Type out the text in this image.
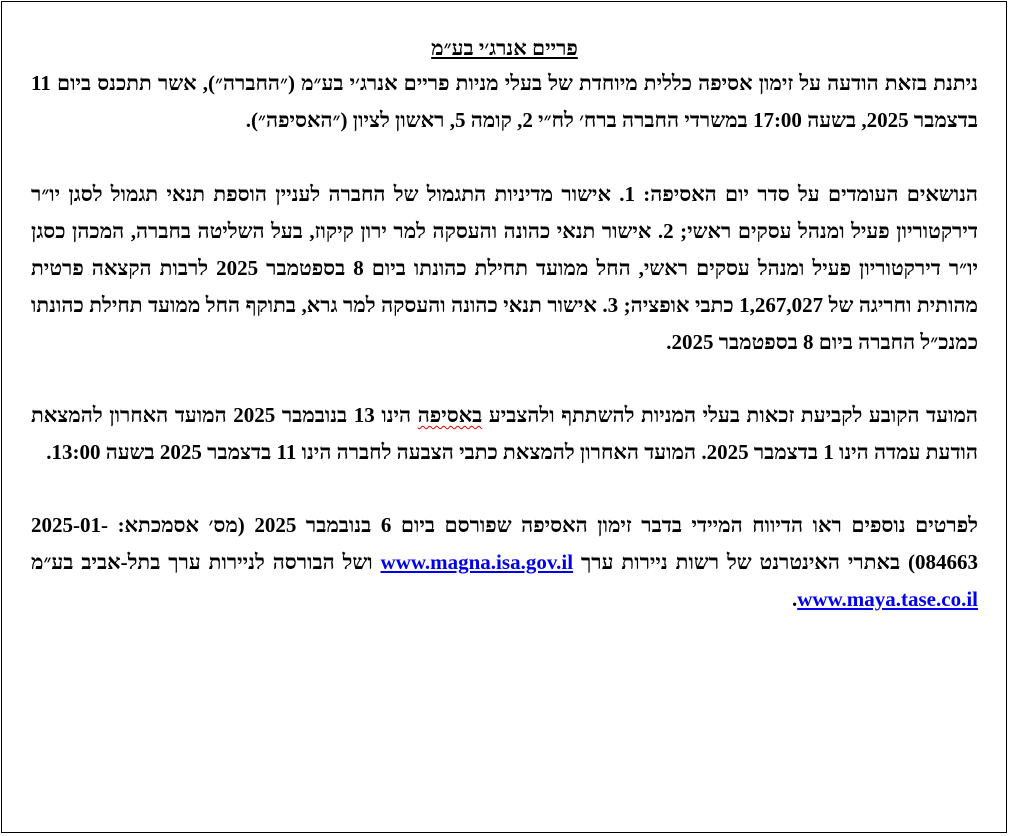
פריים אנרג׳י בע״מ

ניתנת בזאת הודעה על זימון אסיפה כללית מיוחדת של בעלי מניות פריים אנרג׳י בע״מ (״החברה״), אשר תתכנס ביום 11 בדצמבר 2025, בשעה 17:00 במשרדי החברה ברח׳ לח״י 2, קומה 5, ראשון לציון (״האסיפה״).

הנושאים העומדים על סדר יום האסיפה: 1. אישור מדיניות התגמול של החברה לעניין הוספת תנאי תגמול לסגן יו״ר דירקטוריון פעיל ומנהל עסקים ראשי; 2. אישור תנאי כהונה והעסקה למר ירון קיקוז, בעל השליטה בחברה, המכהן כסגן יו״ר דירקטוריון פעיל ומנהל עסקים ראשי, החל ממועד תחילת כהונתו ביום 8 בספטמבר 2025 לרבות הקצאה פרטית מהותית וחריגה של 1,267,027 כתבי אופציה; 3. אישור תנאי כהונה והעסקה למר גרא, בתוקף החל ממועד תחילת כהונתו כמנכ״ל החברה ביום 8 בספטמבר 2025.

המועד הקובע לקביעת זכאות בעלי המניות להשתתף ולהצביע באסיפה הינו 13 בנובמבר 2025 המועד האחרון להמצאת הודעת עמדה הינו 1 בדצמבר 2025. המועד האחרון להמצאת כתבי הצבעה לחברה הינו 11 בדצמבר 2025 בשעה 13:00.

לפרטים נוספים ראו הדיווח המיידי בדבר זימון האסיפה שפורסם ביום 6 בנובמבר 2025 (מס׳ אסמכתא: 2025-01-084663) באתרי האינטרנט של רשות ניירות ערך www.magna.isa.gov.il ושל הבורסה לניירות ערך בתל-אביב בע״מ www.maya.tase.co.il.
